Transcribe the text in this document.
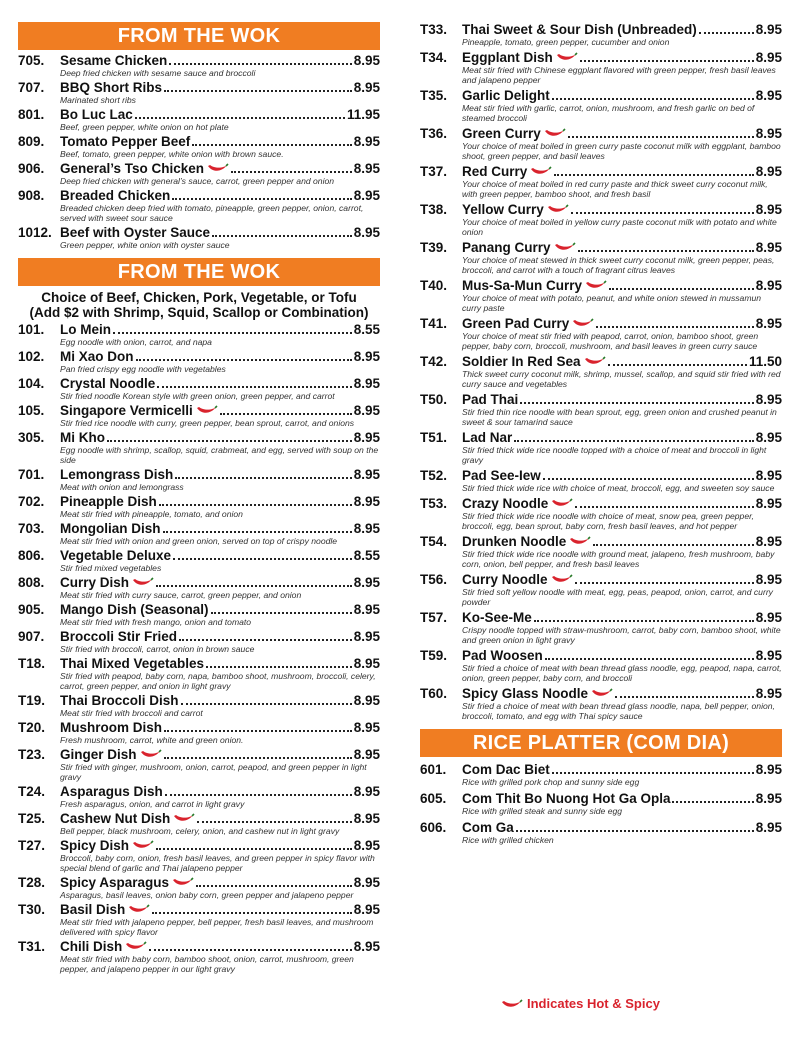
FROM THE WOK
705.	Sesame Chicken	8.95
Deep fried chicken with sesame sauce and broccoli
707.	BBQ Short Ribs	8.95
Marinated short ribs
801.	Bo Luc Lac	11.95
Beef, green pepper, white onion on hot plate
809.	Tomato Pepper Beef	8.95
Beef, tomato, green pepper, white onion with brown sauce.
906.	General’s Tso Chicken	8.95
Deep fried chicken with general’s sauce, carrot, green pepper and onion
908.	Breaded Chicken	8.95
Breaded chicken deep fried with tomato, pineapple, green pepper, onion, carrot, served with sweet sour sauce
1012. Beef with Oyster Sauce	8.95
Green pepper, white onion with oyster sauce
FROM THE WOK
Choice of Beef, Chicken, Pork, Vegetable, or Tofu
(Add $2 with Shrimp, Squid, Scallop or Combination)
101.	Lo Mein	8.55
Egg noodle with onion, carrot, and napa
102.	Mi Xao Don	8.95
Pan fried crispy egg noodle with vegetables
104.	Crystal Noodle	8.95
Stir fried noodle Korean style with green onion, green pepper, and carrot
105.	Singapore Vermicelli	8.95
Stir fried rice noodle with curry, green pepper, bean sprout, carrot, and onions
305.	Mi Kho	8.95
Egg noodle with shrimp, scallop, squid, crabmeat, and egg, served with soup on the side
701.	Lemongrass Dish	8.95
Meat with onion and lemongrass
702.	Pineapple Dish	8.95
Meat stir fried with pineapple, tomato, and onion
703.	Mongolian Dish	8.95
Meat stir fried with onion and green onion, served on top of crispy noodle
806.	Vegetable Deluxe	8.55
Stir fried mixed vegetables
808.	Curry Dish	8.95
Meat stir fried with curry sauce, carrot, green pepper, and onion
905.	Mango Dish (Seasonal)	8.95
Meat stir fried with fresh mango, onion and tomato
907.	Broccoli Stir Fried	8.95
Stir fried with broccoli, carrot, onion in brown sauce
T18.	Thai Mixed Vegetables	8.95
Stir fried with peapod, baby corn, napa, bamboo shoot, mushroom, broccoli, celery, carrot, green pepper, and onion in light gravy
T19.	Thai Broccoli Dish	8.95
Meat stir fried with broccoli and carrot
T20.	Mushroom Dish	8.95
Fresh mushroom, carrot, white and green onion.
T23.	Ginger Dish	8.95
Stir fried with ginger, mushroom, onion, carrot, peapod, and green pepper in light gravy
T24.	Asparagus Dish	8.95
Fresh asparagus, onion, and carrot in light gravy
T25.	Cashew Nut Dish	8.95
Bell pepper, black mushroom, celery, onion, and cashew nut in light gravy
T27.	Spicy Dish	8.95
Broccoli, baby corn, onion, fresh basil leaves, and green pepper in spicy flavor with special blend of garlic and Thai jalapeno pepper
T28.	Spicy Asparagus	8.95
Asparagus, basil leaves, onion baby corn, green pepper and jalapeno pepper
T30.	Basil Dish	8.95
Meat stir fried with jalapeno pepper, bell pepper, fresh basil leaves, and mushroom delivered with spicy flavor
T31.	Chili Dish	8.95
Meat stir fried with baby corn, bamboo shoot, onion, carrot, mushroom, green pepper, and jalapeno pepper in our light gravy
T33.	Thai Sweet & Sour Dish (Unbreaded)	8.95
Pineapple, tomato, green pepper, cucumber and onion
T34.	Eggplant Dish	8.95
Meat stir fried with Chinese eggplant flavored with green pepper, fresh basil leaves and jalapeno pepper
T35.	Garlic Delight	8.95
Meat stir fried with garlic, carrot, onion, mushroom, and fresh garlic on bed of steamed broccoli
T36.	Green Curry	8.95
Your choice of meat boiled in green curry paste coconut milk with eggplant, bamboo shoot, green pepper, and basil leaves
T37.	Red Curry	8.95
Your choice of meat boiled in red curry paste and thick sweet curry coconut milk, with green pepper, bamboo shoot, and fresh basil
T38.	Yellow Curry	8.95
Your choice of meat boiled in yellow curry paste coconut milk with potato and white onion
T39.	Panang Curry	8.95
Your choice of meat stewed in thick sweet curry coconut milk, green pepper, peas, broccoli, and carrot with a touch of fragrant citrus leaves
T40.	Mus-Sa-Mun Curry	8.95
Your choice of meat with potato, peanut, and white onion stewed in mussamun curry paste
T41.	Green Pad Curry	8.95
Your choice of meat stir fried with peapod, carrot, onion, bamboo shoot, green pepper, baby corn, broccoli, mushroom, and basil leaves in green curry sauce
T42.	Soldier In Red Sea	11.50
Thick sweet curry coconut milk, shrimp, mussel, scallop, and squid stir fried with red curry sauce and vegetables
T50.	Pad Thai	8.95
Stir fried thin rice noodle with bean sprout, egg, green onion and crushed peanut in sweet & sour tamarind sauce
T51.	Lad Nar	8.95
Stir fried thick wide rice noodle topped with a choice of meat and broccoli in light gravy
T52.	Pad See-Iew	8.95
Stir fried thick wide rice with choice of meat, broccoli, egg, and sweeten soy sauce
T53.	Crazy Noodle	8.95
Stir fried thick wide rice noodle with choice of meat, snow pea, green pepper, broccoli, egg, bean sprout, baby corn, fresh basil leaves, and hot pepper
T54.	Drunken Noodle	8.95
Stir fried thick wide rice noodle with ground meat, jalapeno, fresh mushroom, baby corn, onion, bell pepper, and fresh basil leaves
T56.	Curry Noodle	8.95
Stir fried soft yellow noodle with meat, egg, peas, peapod, onion, carrot, and curry powder
T57.	Ko-See-Me	8.95
Crispy noodle topped with straw-mushroom, carrot, baby corn, bamboo shoot, white and green onion in light gravy
T59.	Pad Woosen	8.95
Stir fried a choice of meat with bean thread glass noodle, egg, peapod, napa, carrot, onion, green pepper, baby corn, and broccoli
T60.	Spicy Glass Noodle	8.95
Stir fried a choice of meat with bean thread glass noodle, napa, bell pepper, onion, broccoli, tomato, and egg with Thai spicy sauce
RICE PLATTER (COM DIA)
601.	Com Dac Biet	8.95
Rice with grilled pork chop and sunny side egg
605.	Com Thit Bo Nuong Hot Ga Opla	8.95
Rice with grilled steak and sunny side egg
606.	Com Ga	8.95
Rice with grilled chicken
Indicates Hot & Spicy
